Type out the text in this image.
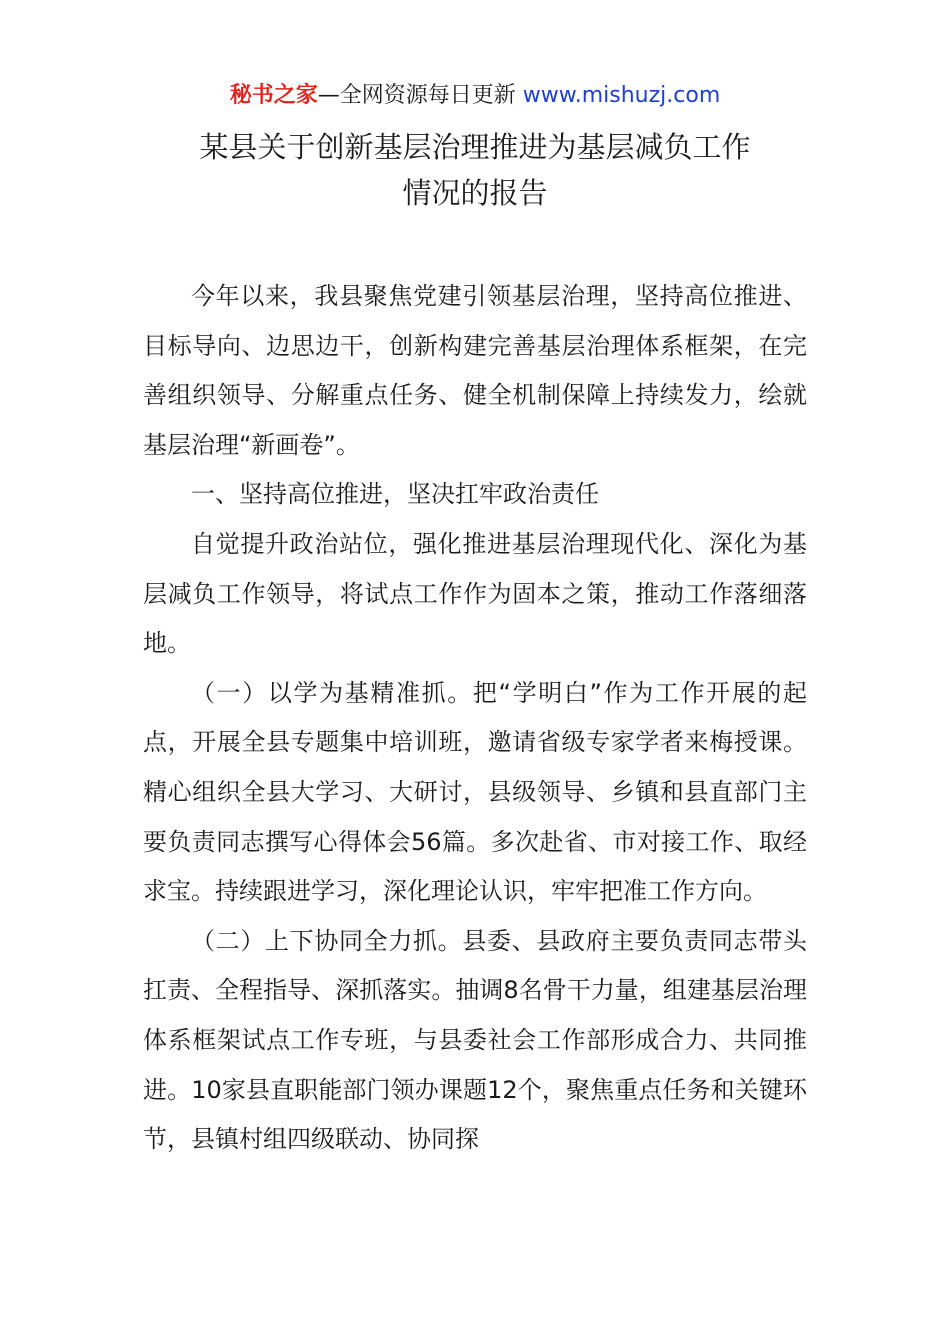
秘书之家—全网资源每日更新 www.mishuzj.com
某县关于创新基层治理推进为基层减负工作
情况的报告

今年以来，我县聚焦党建引领基层治理，坚持高位推进、目标导向、边思边干，创新构建完善基层治理体系框架，在完善组织领导、分解重点任务、健全机制保障上持续发力，绘就基层治理“新画卷”。

一、坚持高位推进，坚决扛牢政治责任

自觉提升政治站位，强化推进基层治理现代化、深化为基层减负工作领导，将试点工作作为固本之策，推动工作落细落地。

（一）以学为基精准抓。把“学明白”作为工作开展的起点，开展全县专题集中培训班，邀请省级专家学者来梅授课。精心组织全县大学习、大研讨，县级领导、乡镇和县直部门主要负责同志撰写心得体会56篇。多次赴省、市对接工作、取经求宝。持续跟进学习，深化理论认识，牢牢把准工作方向。

（二）上下协同全力抓。县委、县政府主要负责同志带头扛责、全程指导、深抓落实。抽调8名骨干力量，组建基层治理体系框架试点工作专班，与县委社会工作部形成合力、共同推进。10家县直职能部门领办课题12个，聚焦重点任务和关键环节，县镇村组四级联动、协同探
